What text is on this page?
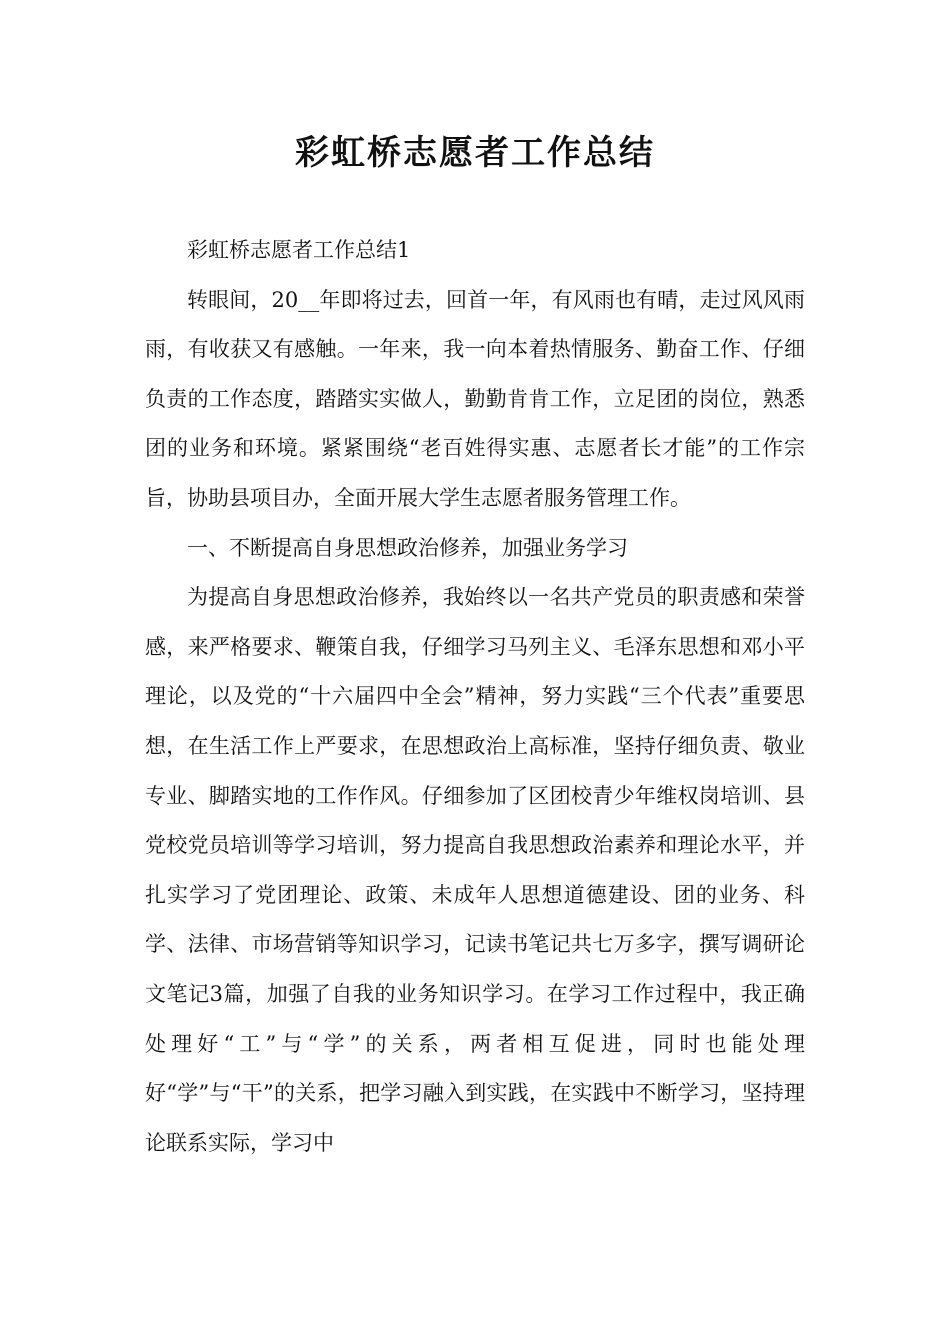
彩虹桥志愿者工作总结

彩虹桥志愿者工作总结1

转眼间，20__年即将过去，回首一年，有风雨也有晴，走过风风雨雨，有收获又有感触。一年来，我一向本着热情服务、勤奋工作、仔细负责的工作态度，踏踏实实做人，勤勤肯肯工作，立足团的岗位，熟悉团的业务和环境。紧紧围绕“老百姓得实惠、志愿者长才能”的工作宗旨，协助县项目办，全面开展大学生志愿者服务管理工作。

一、不断提高自身思想政治修养，加强业务学习

为提高自身思想政治修养，我始终以一名共产党员的职责感和荣誉感，来严格要求、鞭策自我，仔细学习马列主义、毛泽东思想和邓小平理论，以及党的“十六届四中全会”精神，努力实践“三个代表”重要思想，在生活工作上严要求，在思想政治上高标准，坚持仔细负责、敬业专业、脚踏实地的工作作风。仔细参加了区团校青少年维权岗培训、县党校党员培训等学习培训，努力提高自我思想政治素养和理论水平，并扎实学习了党团理论、政策、未成年人思想道德建设、团的业务、科学、法律、市场营销等知识学习，记读书笔记共七万多字，撰写调研论文笔记3篇，加强了自我的业务知识学习。在学习工作过程中，我正确处理好“工”与“学”的关系，两者相互促进，同时也能处理好“学”与“干”的关系，把学习融入到实践，在实践中不断学习，坚持理论联系实际，学习中
